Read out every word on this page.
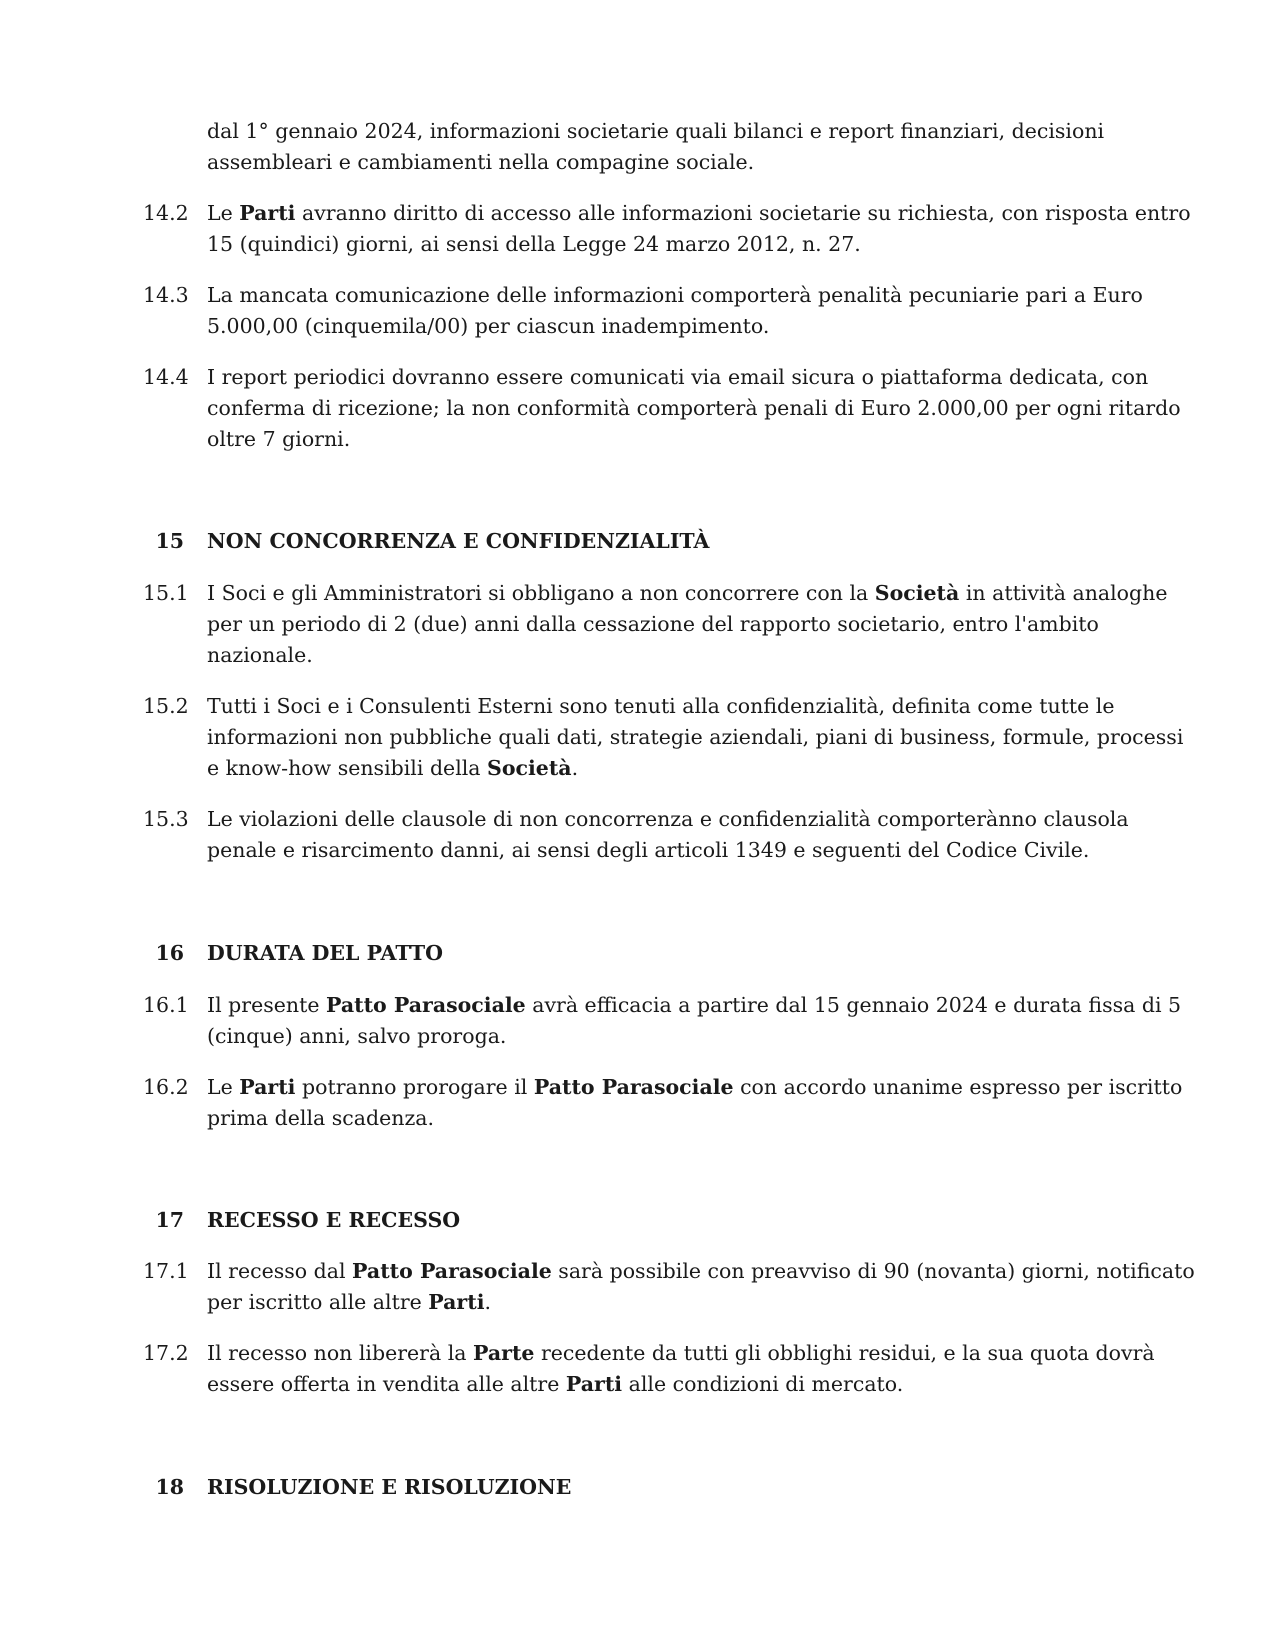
dal 1° gennaio 2024, informazioni societarie quali bilanci e report finanziari, decisioni
assembleari e cambiamenti nella compagine sociale.
14.2 Le Parti avranno diritto di accesso alle informazioni societarie su richiesta, con risposta entro
15 (quindici) giorni, ai sensi della Legge 24 marzo 2012, n. 27.
14.3 La mancata comunicazione delle informazioni comporterà penalità pecuniarie pari a Euro
5.000,00 (cinquemila/00) per ciascun inadempimento.
14.4 I report periodici dovranno essere comunicati via email sicura o piattaforma dedicata, con
conferma di ricezione; la non conformità comporterà penali di Euro 2.000,00 per ogni ritardo
oltre 7 giorni.
15 NON CONCORRENZA E CONFIDENZIALITÀ
15.1 I Soci e gli Amministratori si obbligano a non concorrere con la Società in attività analoghe
per un periodo di 2 (due) anni dalla cessazione del rapporto societario, entro l'ambito
nazionale.
15.2 Tutti i Soci e i Consulenti Esterni sono tenuti alla confidenzialità, definita come tutte le
informazioni non pubbliche quali dati, strategie aziendali, piani di business, formule, processi
e know-how sensibili della Società.
15.3 Le violazioni delle clausole di non concorrenza e confidenzialità comporterànno clausola
penale e risarcimento danni, ai sensi degli articoli 1349 e seguenti del Codice Civile.
16 DURATA DEL PATTO
16.1 Il presente Patto Parasociale avrà efficacia a partire dal 15 gennaio 2024 e durata fissa di 5
(cinque) anni, salvo proroga.
16.2 Le Parti potranno prorogare il Patto Parasociale con accordo unanime espresso per iscritto
prima della scadenza.
17 RECESSO E RECESSO
17.1 Il recesso dal Patto Parasociale sarà possibile con preavviso di 90 (novanta) giorni, notificato
per iscritto alle altre Parti.
17.2 Il recesso non libererà la Parte recedente da tutti gli obblighi residui, e la sua quota dovrà
essere offerta in vendita alle altre Parti alle condizioni di mercato.
18 RISOLUZIONE E RISOLUZIONE
